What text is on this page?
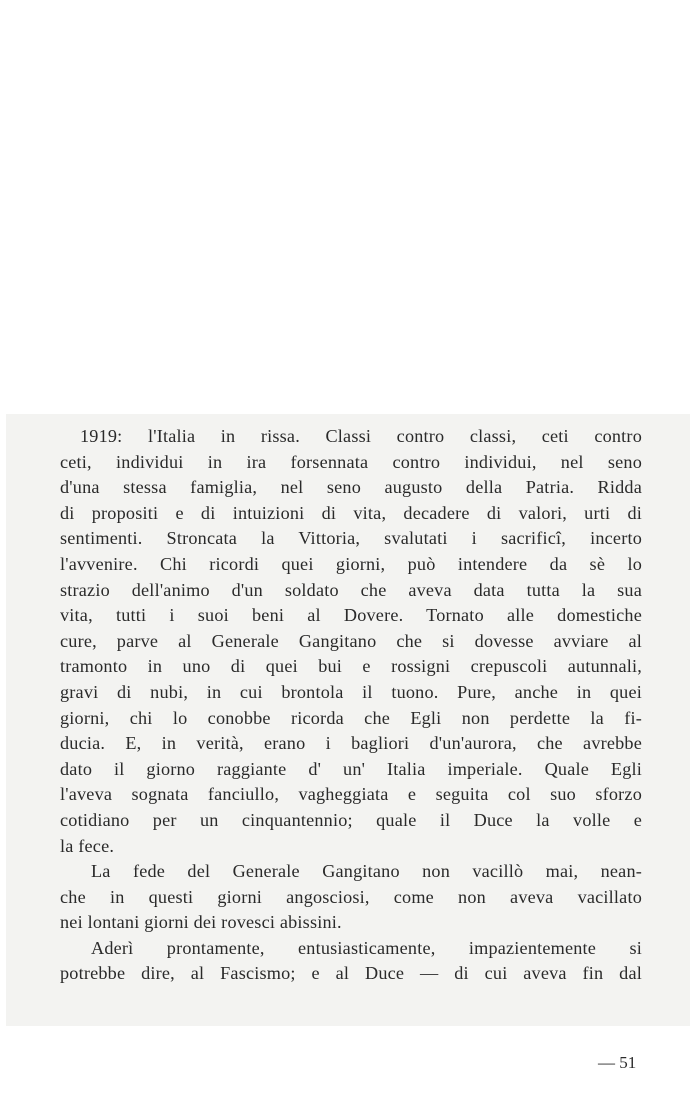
1919: l'Italia in rissa. Classi contro classi, ceti contro
ceti, individui in ira forsennata contro individui, nel seno
d'una stessa famiglia, nel seno augusto della Patria. Ridda
di propositi e di intuizioni di vita, decadere di valori, urti di
sentimenti. Stroncata la Vittoria, svalutati i sacrificî, incerto
l'avvenire. Chi ricordi quei giorni, può intendere da sè lo
strazio dell'animo d'un soldato che aveva data tutta la sua
vita, tutti i suoi beni al Dovere. Tornato alle domestiche
cure, parve al Generale Gangitano che si dovesse avviare al
tramonto in uno di quei bui e rossigni crepuscoli autunnali,
gravi di nubi, in cui brontola il tuono. Pure, anche in quei
giorni, chi lo conobbe ricorda che Egli non perdette la fi-
ducia. E, in verità, erano i bagliori d'un'aurora, che avrebbe
dato il giorno raggiante d' un' Italia imperiale. Quale Egli
l'aveva sognata fanciullo, vagheggiata e seguita col suo sforzo
cotidiano per un cinquantennio; quale il Duce la volle e
la fece.
La fede del Generale Gangitano non vacillò mai, nean-
che in questi giorni angosciosi, come non aveva vacillato
nei lontani giorni dei rovesci abissini.
Aderì prontamente, entusiasticamente, impazientemente si
potrebbe dire, al Fascismo; e al Duce — di cui aveva fin dal
— 51
